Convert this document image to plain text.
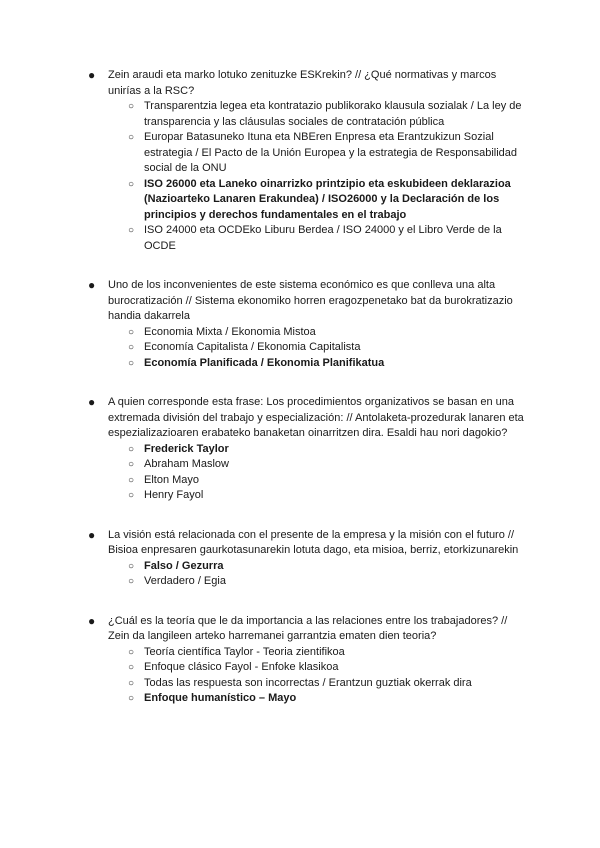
● Zein araudi eta marko lotuko zenituzke ESKrekin? // ¿Qué normativas y marcos unirías a la RSC?

○ Transparentzia legea eta kontratazio publikorako klausula sozialak / La ley de transparencia y las cláusulas sociales de contratación pública
○ Europar Batasuneko Ituna eta NBEren Enpresa eta Erantzukizun Sozial estrategia / El Pacto de la Unión Europea y la estrategia de Responsabilidad social de la ONU
○ ISO 26000 eta Laneko oinarrizko printzipio eta eskubideen deklarazioa (Nazioarteko Lanaren Erakundea) / ISO26000 y la Declaración de los principios y derechos fundamentales en el trabajo
○ ISO 24000 eta OCDEko Liburu Berdea / ISO 24000 y el Libro Verde de la OCDE
● Uno de los inconvenientes de este sistema económico es que conlleva una alta burocratización // Sistema ekonomiko horren eragozpenetako bat da burokratizazio handia dakarrela

○ Economia Mixta / Ekonomia Mistoa
○ Economía Capitalista / Ekonomia Capitalista
○ Economía Planificada / Ekonomia Planifikatua
● A quien corresponde esta frase: Los procedimientos organizativos se basan en una extremada división del trabajo y especialización: // Antolaketa-prozedurak lanaren eta espezializazioaren erabateko banaketan oinarritzen dira. Esaldi hau nori dagokio?

○ Frederick Taylor
○ Abraham Maslow
○ Elton Mayo
○ Henry Fayol
● La visión está relacionada con el presente de la empresa y la misión con el futuro // Bisioa enpresaren gaurkotasunarekin lotuta dago, eta misioa, berriz, etorkizunarekin

○ Falso / Gezurra
○ Verdadero / Egia
● ¿Cuál es la teoría que le da importancia a las relaciones entre los trabajadores? // Zein da langileen arteko harremanei garrantzia ematen dien teoria?

○ Teoría científica Taylor - Teoria zientifikoa
○ Enfoque clásico Fayol - Enfoke klasikoa
○ Todas las respuesta son incorrectas / Erantzun guztiak okerrak dira
○ Enfoque humanístico – Mayo
